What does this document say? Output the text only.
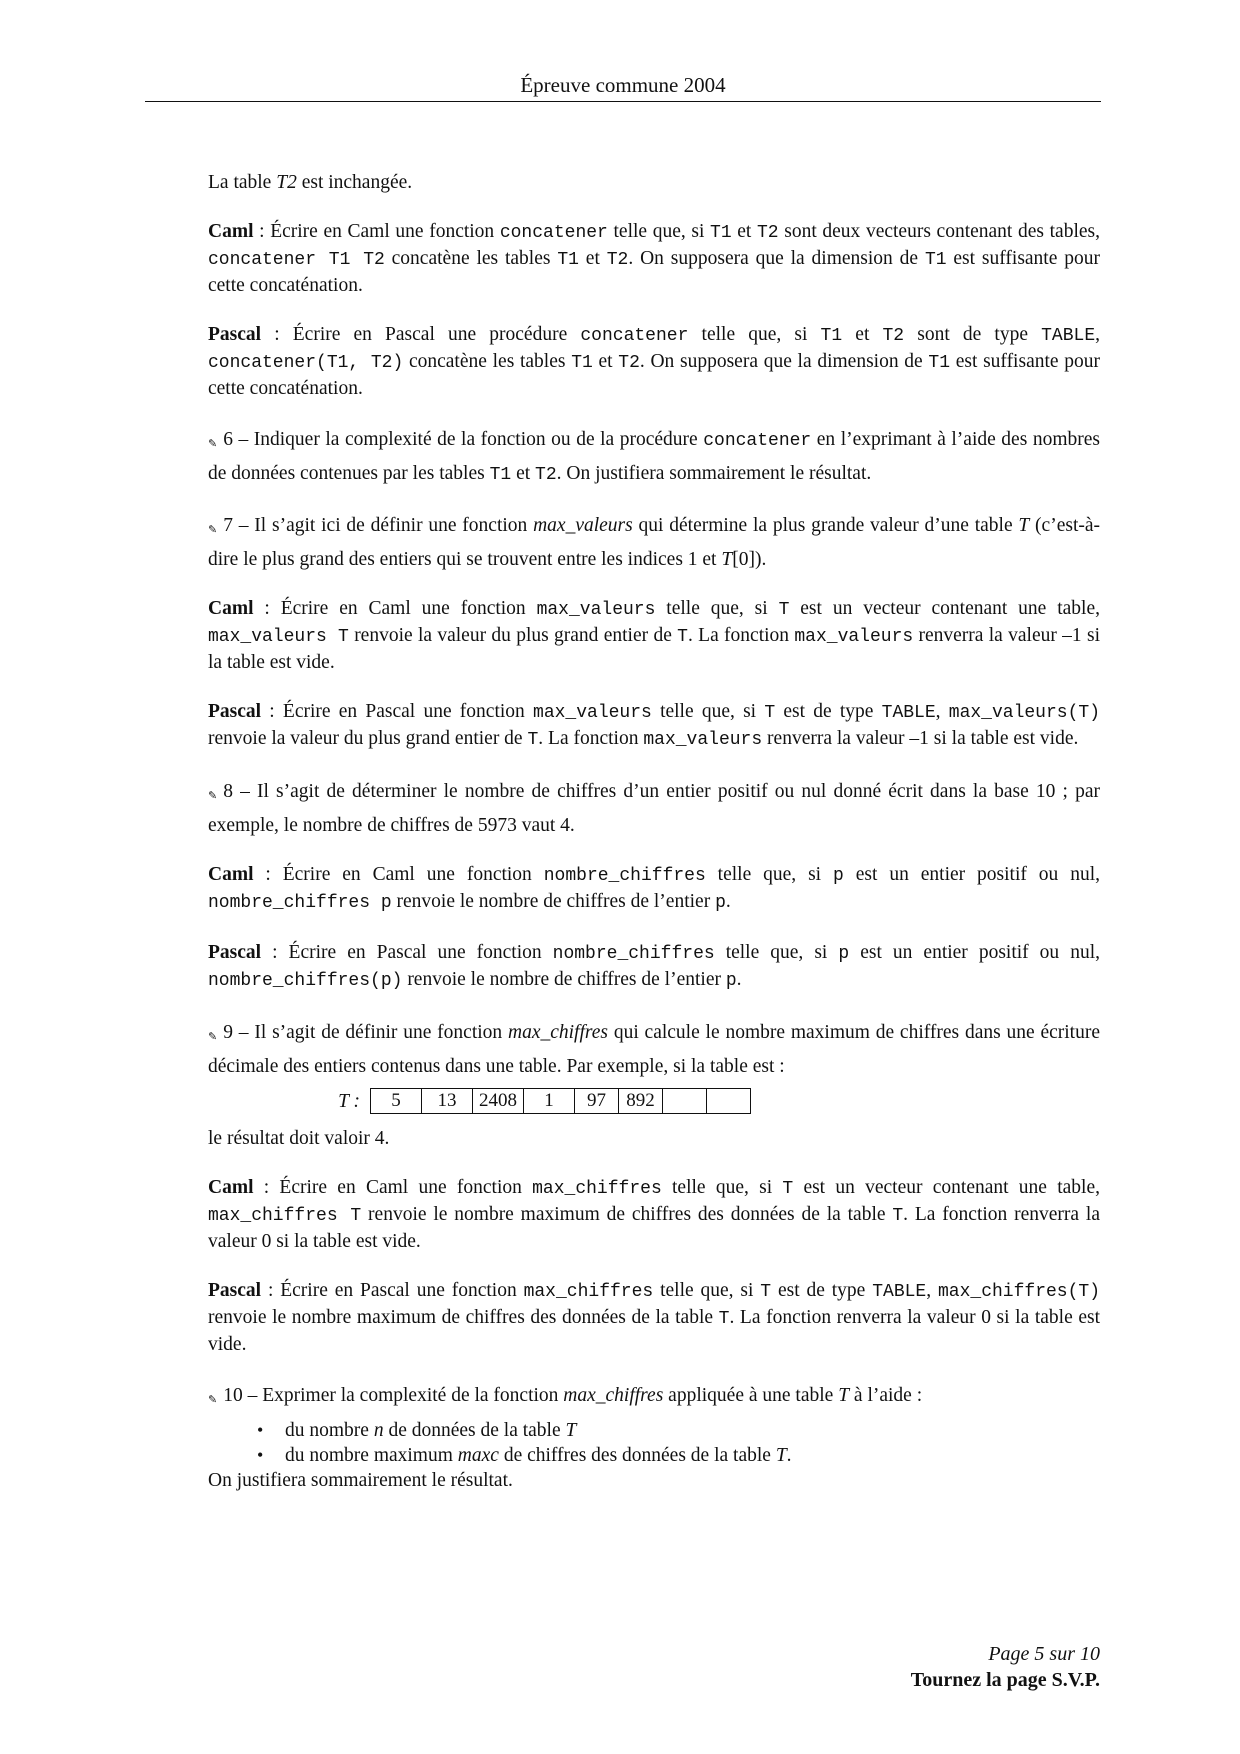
Épreuve commune 2004

La table T2 est inchangée.

Caml : Écrire en Caml une fonction concatener telle que, si T1 et T2 sont deux vecteurs contenant des tables, concatener T1 T2 concatène les tables T1 et T2. On supposera que la dimension de T1 est suffisante pour cette concaténation.

Pascal : Écrire en Pascal une procédure concatener telle que, si T1 et T2 sont de type TABLE, concatener(T1, T2) concatène les tables T1 et T2. On supposera que la dimension de T1 est suffisante pour cette concaténation.

✎ 6 – Indiquer la complexité de la fonction ou de la procédure concatener en l’exprimant à l’aide des nombres de données contenues par les tables T1 et T2. On justifiera sommairement le résultat.

✎ 7 – Il s’agit ici de définir une fonction max_valeurs qui détermine la plus grande valeur d’une table T (c’est-à-dire le plus grand des entiers qui se trouvent entre les indices 1 et T[0]).

Caml : Écrire en Caml une fonction max_valeurs telle que, si T est un vecteur contenant une table, max_valeurs T renvoie la valeur du plus grand entier de T. La fonction max_valeurs renverra la valeur –1 si la table est vide.

Pascal : Écrire en Pascal une fonction max_valeurs telle que, si T est de type TABLE, max_valeurs(T) renvoie la valeur du plus grand entier de T. La fonction max_valeurs renverra la valeur –1 si la table est vide.

✎ 8 – Il s’agit de déterminer le nombre de chiffres d’un entier positif ou nul donné écrit dans la base 10 ; par exemple, le nombre de chiffres de 5973 vaut 4.

Caml : Écrire en Caml une fonction nombre_chiffres telle que, si p est un entier positif ou nul, nombre_chiffres p renvoie le nombre de chiffres de l’entier p.

Pascal : Écrire en Pascal une fonction nombre_chiffres telle que, si p est un entier positif ou nul, nombre_chiffres(p) renvoie le nombre de chiffres de l’entier p.

✎ 9 – Il s’agit de définir une fonction max_chiffres qui calcule le nombre maximum de chiffres dans une écriture décimale des entiers contenus dans une table. Par exemple, si la table est :

T :	5	13	2408	1	97	892

le résultat doit valoir 4.

Caml : Écrire en Caml une fonction max_chiffres telle que, si T est un vecteur contenant une table, max_chiffres T renvoie le nombre maximum de chiffres des données de la table T. La fonction renverra la valeur 0 si la table est vide.

Pascal : Écrire en Pascal une fonction max_chiffres telle que, si T est de type TABLE, max_chiffres(T) renvoie le nombre maximum de chiffres des données de la table T. La fonction renverra la valeur 0 si la table est vide.

✎ 10 – Exprimer la complexité de la fonction max_chiffres appliquée à une table T à l’aide :

• du nombre n de données de la table T
• du nombre maximum maxc de chiffres des données de la table T.

On justifiera sommairement le résultat.

Page 5 sur 10
Tournez la page S.V.P.
